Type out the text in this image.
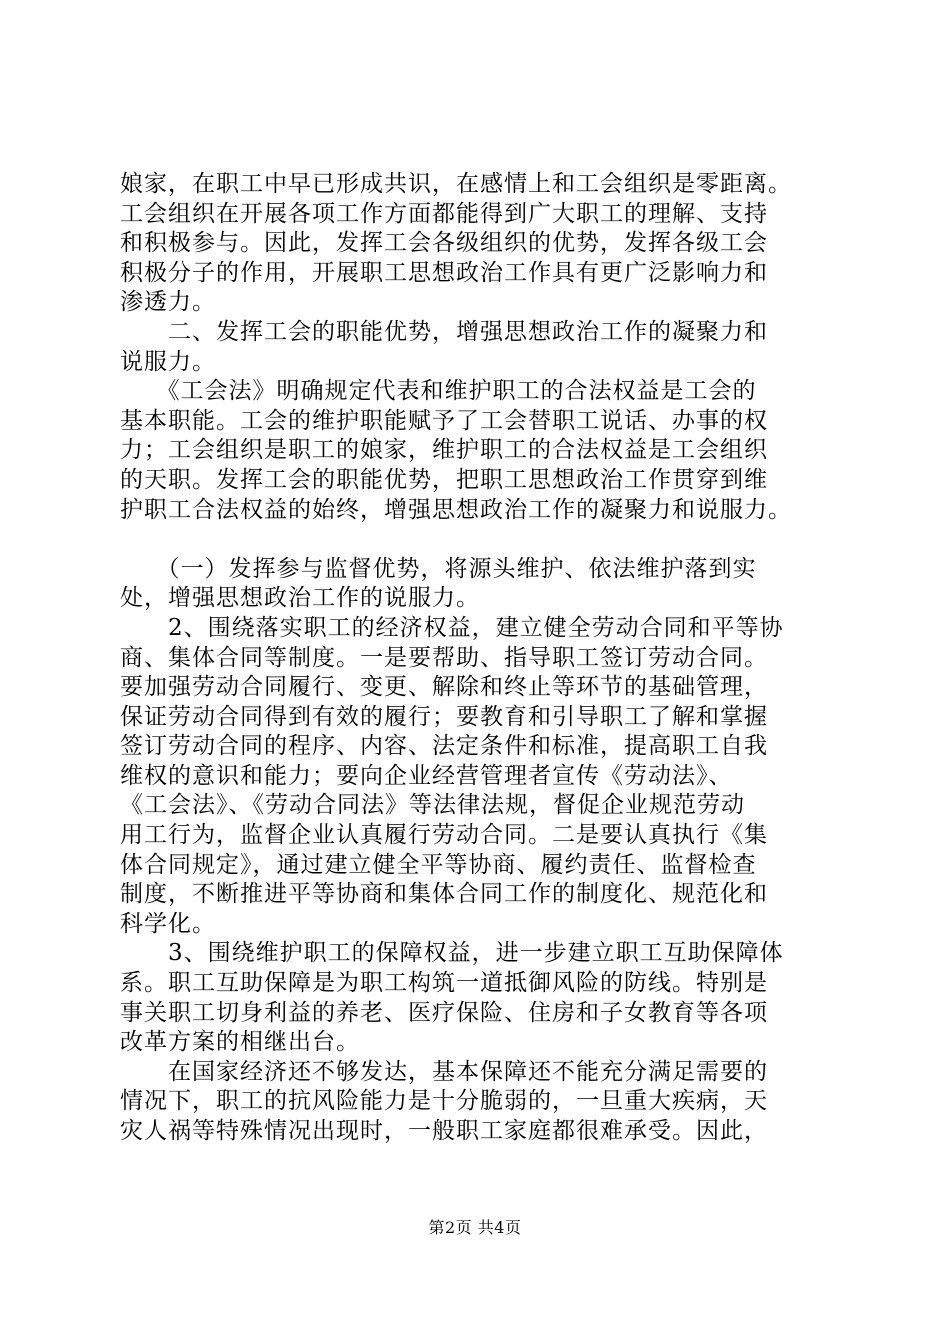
娘家，在职工中早已形成共识，在感情上和工会组织是零距离。
工会组织在开展各项工作方面都能得到广大职工的理解、支持
和积极参与。因此，发挥工会各级组织的优势，发挥各级工会
积极分子的作用，开展职工思想政治工作具有更广泛影响力和
渗透力。
　　二、发挥工会的职能优势，增强思想政治工作的凝聚力和
说服力。
　　《工会法》明确规定代表和维护职工的合法权益是工会的
基本职能。工会的维护职能赋予了工会替职工说话、办事的权
力；工会组织是职工的娘家，维护职工的合法权益是工会组织
的天职。发挥工会的职能优势，把职工思想政治工作贯穿到维
护职工合法权益的始终，增强思想政治工作的凝聚力和说服力。
　　（一）发挥参与监督优势，将源头维护、依法维护落到实
处，增强思想政治工作的说服力。
　　2、围绕落实职工的经济权益，建立健全劳动合同和平等协
商、集体合同等制度。一是要帮助、指导职工签订劳动合同。
要加强劳动合同履行、变更、解除和终止等环节的基础管理，
保证劳动合同得到有效的履行；要教育和引导职工了解和掌握
签订劳动合同的程序、内容、法定条件和标准，提高职工自我
维权的意识和能力；要向企业经营管理者宣传《劳动法》、
《工会法》、《劳动合同法》等法律法规，督促企业规范劳动
用工行为，监督企业认真履行劳动合同。二是要认真执行《集
体合同规定》，通过建立健全平等协商、履约责任、监督检查
制度，不断推进平等协商和集体合同工作的制度化、规范化和
科学化。
　　3、围绕维护职工的保障权益，进一步建立职工互助保障体
系。职工互助保障是为职工构筑一道抵御风险的防线。特别是
事关职工切身利益的养老、医疗保险、住房和子女教育等各项
改革方案的相继出台。
　　在国家经济还不够发达，基本保障还不能充分满足需要的
情况下，职工的抗风险能力是十分脆弱的，一旦重大疾病，天
灾人祸等特殊情况出现时，一般职工家庭都很难承受。因此，
第2页 共4页
